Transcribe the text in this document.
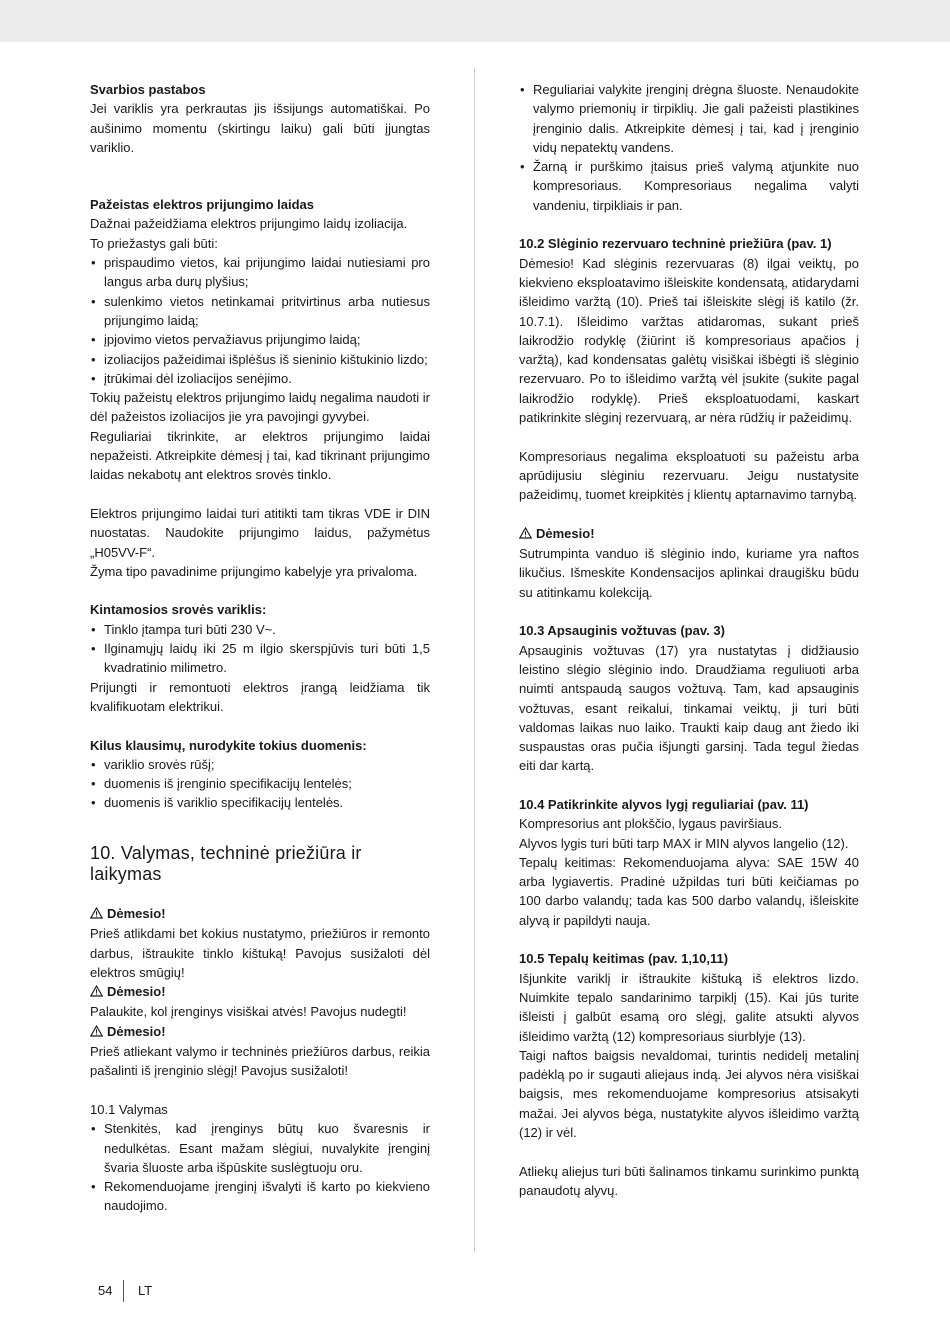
Svarbios pastabos

Jei variklis yra perkrautas jis išsijungs automatiškai. Po aušinimo momentu (skirtingu laiku) gali būti įjungtas variklio.

Pažeistas elektros prijungimo laidas

Dažnai pažeidžiama elektros prijungimo laidų izoliacija.

To priežastys gali būti:

• prispaudimo vietos, kai prijungimo laidai nutiesiami pro langus arba durų plyšius;
• sulenkimo vietos netinkamai pritvirtinus arba nutiesus prijungimo laidą;
• įpjovimo vietos pervažiavus prijungimo laidą;
• izoliacijos pažeidimai išplėšus iš sieninio kištukinio lizdo;
• įtrūkimai dėl izoliacijos senėjimo.

Tokių pažeistų elektros prijungimo laidų negalima naudoti ir dėl pažeistos izoliacijos jie yra pavojingi gyvybei.

Reguliariai tikrinkite, ar elektros prijungimo laidai nepažeisti. Atkreipkite dėmesį į tai, kad tikrinant prijungimo laidas nekabotų ant elektros srovės tinklo.

Elektros prijungimo laidai turi atitikti tam tikras VDE ir DIN nuostatas. Naudokite prijungimo laidus, pažymėtus „H05VV-F“.

Žyma tipo pavadinime prijungimo kabelyje yra privaloma.

Kintamosios srovės variklis:

• Tinklo įtampa turi būti 230 V~.
• Ilginamųjų laidų iki 25 m ilgio skerspjūvis turi būti 1,5 kvadratinio milimetro.

Prijungti ir remontuoti elektros įrangą leidžiama tik kvalifikuotam elektrikui.

Kilus klausimų, nurodykite tokius duomenis:

• variklio srovės rūšį;
• duomenis iš įrenginio specifikacijų lentelės;
• duomenis iš variklio specifikacijų lentelės.

10. Valymas, techninė priežiūra ir laikymas

Dėmesio!

Prieš atlikdami bet kokius nustatymo, priežiūros ir remonto darbus, ištraukite tinklo kištuką! Pavojus susižaloti dėl elektros smūgių!

Dėmesio!

Palaukite, kol įrenginys visiškai atvės! Pavojus nudegti!

Dėmesio!

Prieš atliekant valymo ir techninės priežiūros darbus, reikia pašalinti iš įrenginio slėgį! Pavojus susižaloti!

10.1 Valymas

• Stenkitės, kad įrenginys būtų kuo švaresnis ir nedulkėtas. Esant mažam slėgiui, nuvalykite įrenginį švaria šluoste arba išpūskite suslėgtuoju oru.
• Rekomenduojame įrenginį išvalyti iš karto po kiekvieno naudojimo.
• Reguliariai valykite įrenginį drėgna šluoste. Nenaudokite valymo priemonių ir tirpiklių. Jie gali pažeisti plastikines įrenginio dalis. Atkreipkite dėmesį į tai, kad į įrenginio vidų nepatektų vandens.
• Žarną ir purškimo įtaisus prieš valymą atjunkite nuo kompresoriaus. Kompresoriaus negalima valyti vandeniu, tirpikliais ir pan.

10.2 Slėginio rezervuaro techninė priežiūra (pav. 1)

Dėmesio! Kad slėginis rezervuaras (8) ilgai veiktų, po kiekvieno eksploatavimo išleiskite kondensatą, atidarydami išleidimo varžtą (10). Prieš tai išleiskite slėgį iš katilo (žr. 10.7.1). Išleidimo varžtas atidaromas, sukant prieš laikrodžio rodyklę (žiūrint iš kompresoriaus apačios į varžtą), kad kondensatas galėtų visiškai išbėgti iš slėginio rezervuaro. Po to išleidimo varžtą vėl įsukite (sukite pagal laikrodžio rodyklę). Prieš eksploatuodami, kaskart patikrinkite slėginį rezervuarą, ar nėra rūdžių ir pažeidimų.

Kompresoriaus negalima eksploatuoti su pažeistu arba aprūdijusiu slėginiu rezervuaru. Jeigu nustatysite pažeidimų, tuomet kreipkitės į klientų aptarnavimo tarnybą.

Dėmesio!

Sutrumpinta vanduo iš slėginio indo, kuriame yra naftos likučius. Išmeskite Kondensacijos aplinkai draugišku būdu su atitinkamu kolekciją.

10.3 Apsauginis vožtuvas (pav. 3)

Apsauginis vožtuvas (17) yra nustatytas į didžiausio leistino slėgio slėginio indo. Draudžiama reguliuoti arba nuimti antspaudą saugos vožtuvą. Tam, kad apsauginis vožtuvas, esant reikalui, tinkamai veiktų, ji turi būti valdomas laikas nuo laiko. Traukti kaip daug ant žiedo iki suspaustas oras pučia išjungti garsinį. Tada tegul žiedas eiti dar kartą.

10.4 Patikrinkite alyvos lygį reguliariai (pav. 11)

Kompresorius ant plokščio, lygaus paviršiaus.

Alyvos lygis turi būti tarp MAX ir MIN alyvos langelio (12).

Tepalų keitimas: Rekomenduojama alyva: SAE 15W 40 arba lygiavertis. Pradinė užpildas turi būti keičiamas po 100 darbo valandų; tada kas 500 darbo valandų, išleiskite alyvą ir papildyti nauja.

10.5 Tepalų keitimas (pav. 1,10,11)

Išjunkite variklį ir ištraukite kištuką iš elektros lizdo. Nuimkite tepalo sandarinimo tarpiklį (15). Kai jūs turite išleisti į galbūt esamą oro slėgį, galite atsukti alyvos išleidimo varžtą (12) kompresoriaus siurblyje (13).

Taigi naftos baigsis nevaldomai, turintis nedidelį metalinį padėklą po ir sugauti aliejaus indą. Jei alyvos nėra visiškai baigsis, mes rekomenduojame kompresorius atsisakyti mažai. Jei alyvos bėga, nustatykite alyvos išleidimo varžtą (12) ir vėl.

Atliekų aliejus turi būti šalinamos tinkamu surinkimo punktą panaudotų alyvų.

54 LT
